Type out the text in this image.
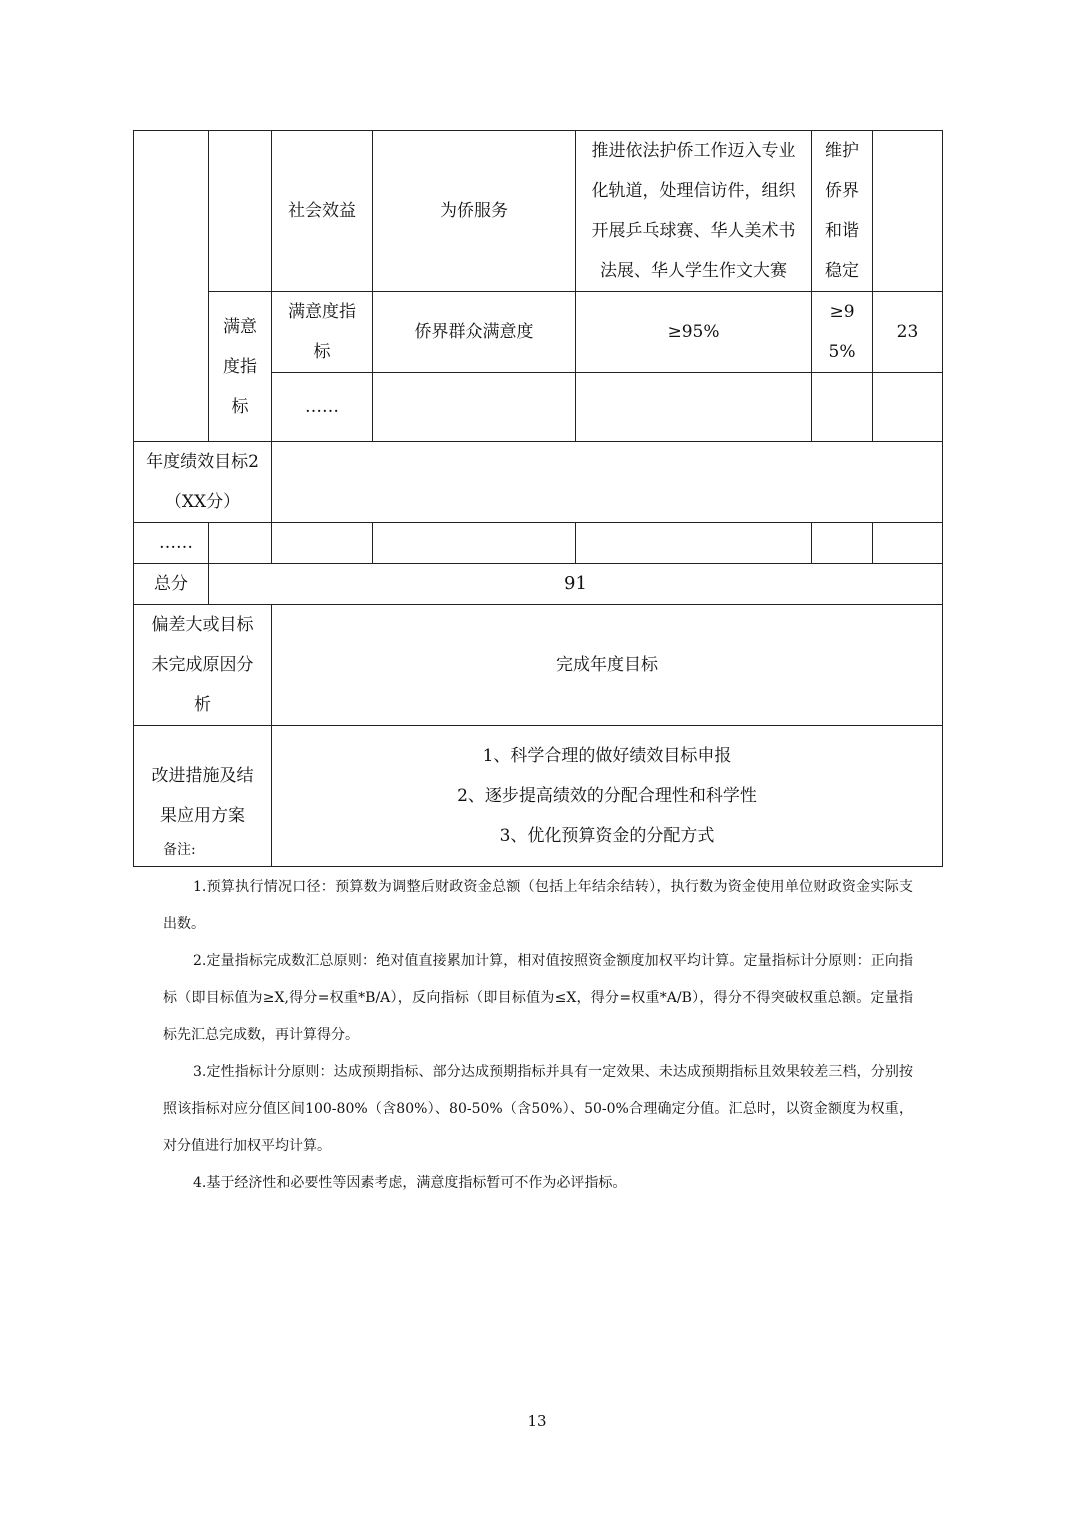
		社会效益	为侨服务	推进依法护侨工作迈入专业化轨道，处理信访件，组织开展乒乓球赛、华人美术书法展、华人学生作文大赛	维护侨界和谐稳定	
	满意度指标	满意度指标	侨界群众满意度	≥95%	≥95%	23
		……				
年度绩效目标2（XX分）						
……						
总分	91					
偏差大或目标未完成原因分析		完成年度目标				
改进措施及结果应用方案		1、科学合理的做好绩效目标申报
2、逐步提高绩效的分配合理性和科学性
3、优化预算资金的分配方式				

备注:

1.预算执行情况口径：预算数为调整后财政资金总额（包括上年结余结转），执行数为资金使用单位财政资金实际支出数。

2.定量指标完成数汇总原则：绝对值直接累加计算，相对值按照资金额度加权平均计算。定量指标计分原则：正向指标（即目标值为≥X,得分=权重*B/A），反向指标（即目标值为≤X，得分=权重*A/B），得分不得突破权重总额。定量指标先汇总完成数，再计算得分。

3.定性指标计分原则：达成预期指标、部分达成预期指标并具有一定效果、未达成预期指标且效果较差三档，分别按照该指标对应分值区间100-80%（含80%）、80-50%（含50%）、50-0%合理确定分值。汇总时，以资金额度为权重，对分值进行加权平均计算。

4.基于经济性和必要性等因素考虑，满意度指标暂可不作为必评指标。

13
